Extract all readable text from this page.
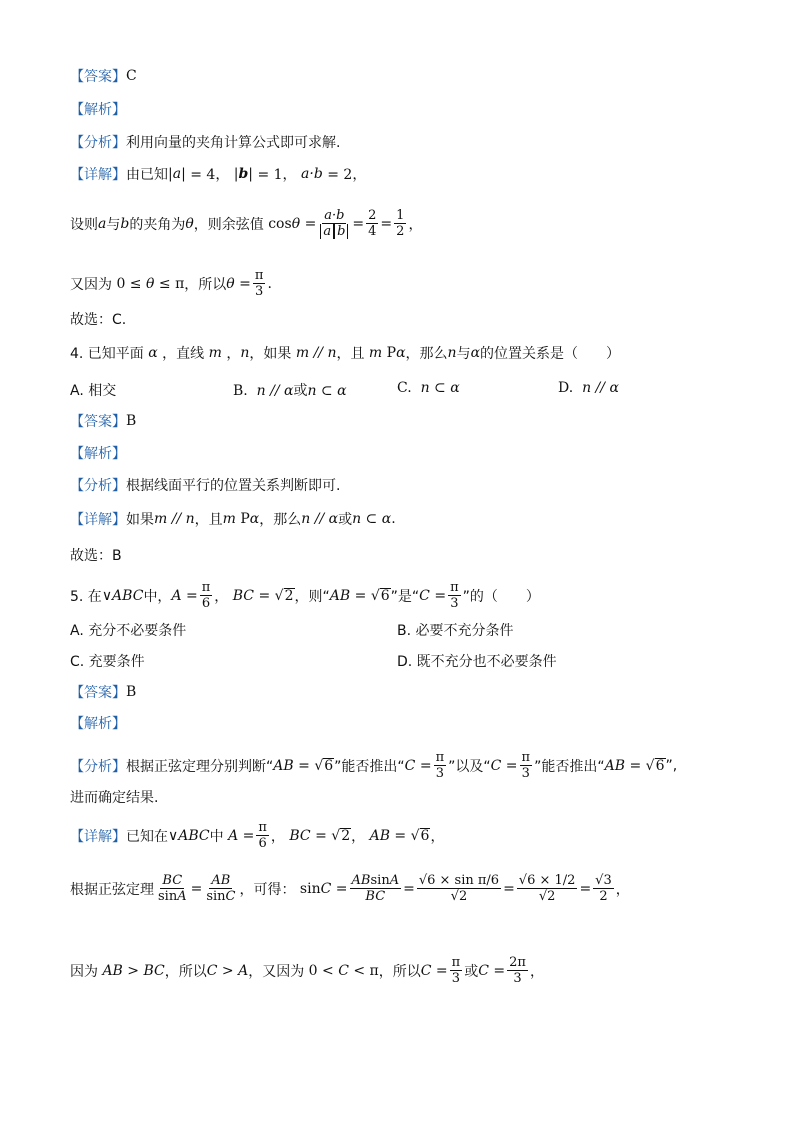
【答案】 C
【解析】
【分析】 利用向量的夹角计算公式即可求解.
【详解】 由已知 |a| = 4， |b| = 1， a·b = 2，
设则 a 与 b 的夹角为 θ ，则余弦值
$\cos\theta = \frac{a\cdot b}{\text{a b}} = \frac{2}{4} = \frac{1}{2}$ ，
又因为 0 ≤ θ ≤ π ，所以 $\theta = \frac{\pi}{3}$ .
故选：C.
4. 已知平面 α ，直线 m ， n ，如果 m // n ，且 m P α ，那么 n 与 α 的位置关系是（　　）
A. 相交	B. n // α或n ⊂ α	C. n ⊂ α	D. n // α
【答案】 B
【解析】
【分析】 根据线面平行的位置关系判断即可.
【详解】 如果 m // n ，且 m P α ，那么 n // α 或 n ⊂ α .
故选：B
5. 在 ∨ABC 中， $A = \frac{\pi}{6}$ ， BC = √ 2 ，则“ AB = √ 6 ”是“ $C = \frac{\pi}{3}$ ”的（　　）
A. 充分不必要条件	B. 必要不充分条件
C. 充要条件	D. 既不充分也不必要条件
【答案】 B
【解析】
【分析】 根据正弦定理分别判断“ AB = √ 6 ”能否推出“ $C = \frac{\pi}{3}$ ”以及“ $C = \frac{\pi}{3}$ ”能否推出“ AB = √ 6 ”,
进而确定结果.
【详解】 已知在 ∨ABC 中 $A = \frac{\pi}{6}$ ， BC = √ 2 ， AB = √ 6 ，
根据正弦定理 $\frac{BC}{\sin A} = \frac{AB}{\sin C}$ ，可得： $\sin C = \frac{ABsinA}{BC} = \frac{\text{√6 × sin π/6}}{√2} = \frac{√6 \times 1/2}{√2} = \frac{√3}{2}$ ，
因为 AB > BC ，所以 C > A ，又因为 0 < C < π ，所以 $C = \frac{\pi}{3}$ 或 $C = \frac{2\pi}{3}$ ，
